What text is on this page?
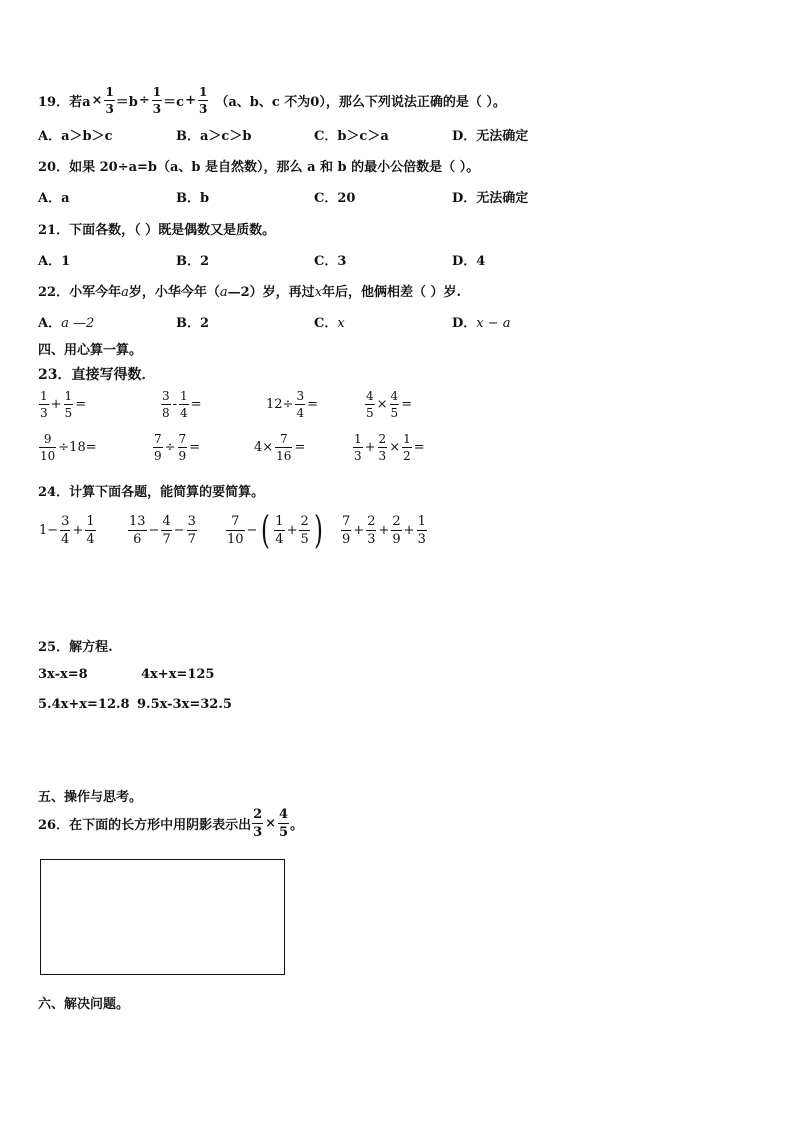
19． 若$a \times \frac{1}{3} =b \div \frac{1}{3} =c + \frac{1}{3} (a$、b、c 不为0），那么下列说法正确的是（ ）。
A．a＞b＞c	B．a＞c＞b	C．b＞c＞a	D．无法确定
20．如果 20÷a=b（a、b 是自然数），那么 a 和 b 的最小公倍数是（ ）。
A．a	B．b	C．20	D．无法确定
21．下面各数，（ ）既是偶数又是质数。
A．1	B．2	C．3	D．4
22．小军今年a岁，小华今年（a—2）岁，再过x年后，他俩相差（ ）岁.
A．a —2	B．2	C．x	D．x − a
四、用心算一算。
23．直接写得数．
$\frac{1}{3} + \frac{1}{5}$ =	$\frac{3}{8} - \frac{1}{4}$ =	$12\div \frac{3}{4}$ =	$\frac{4}{5} \times \frac{4}{5}$ =
$\frac{9}{10} \div 18=$	$\frac{7}{9} \div \frac{7}{9}$ =	$4\times \frac{7}{16}$ =	$\frac{1}{3} + \frac{2}{3} \times \frac{1}{2}$ =
24．计算下面各题，能简算的要简算。
$1- \frac{3}{4} + \frac{1}{4} \frac{13}{6} - \frac{4}{7} - \frac{3}{7} \frac{7}{10}$ − ( $\frac{1}{4} + \frac{2}{5}$ ) $\frac{7}{9} + \frac{2}{3} + \frac{2}{9} + \frac{1}{3}$
25．解方程.
3x-x=8	4x+x=125
5.4x+x=12.8 9.5x-3x=32.5
五、操作与思考。
26．在下面的长方形中用阴影表示出 $\frac{2}{3} \times \frac{4}{5}$ 。
六、解决问题。
